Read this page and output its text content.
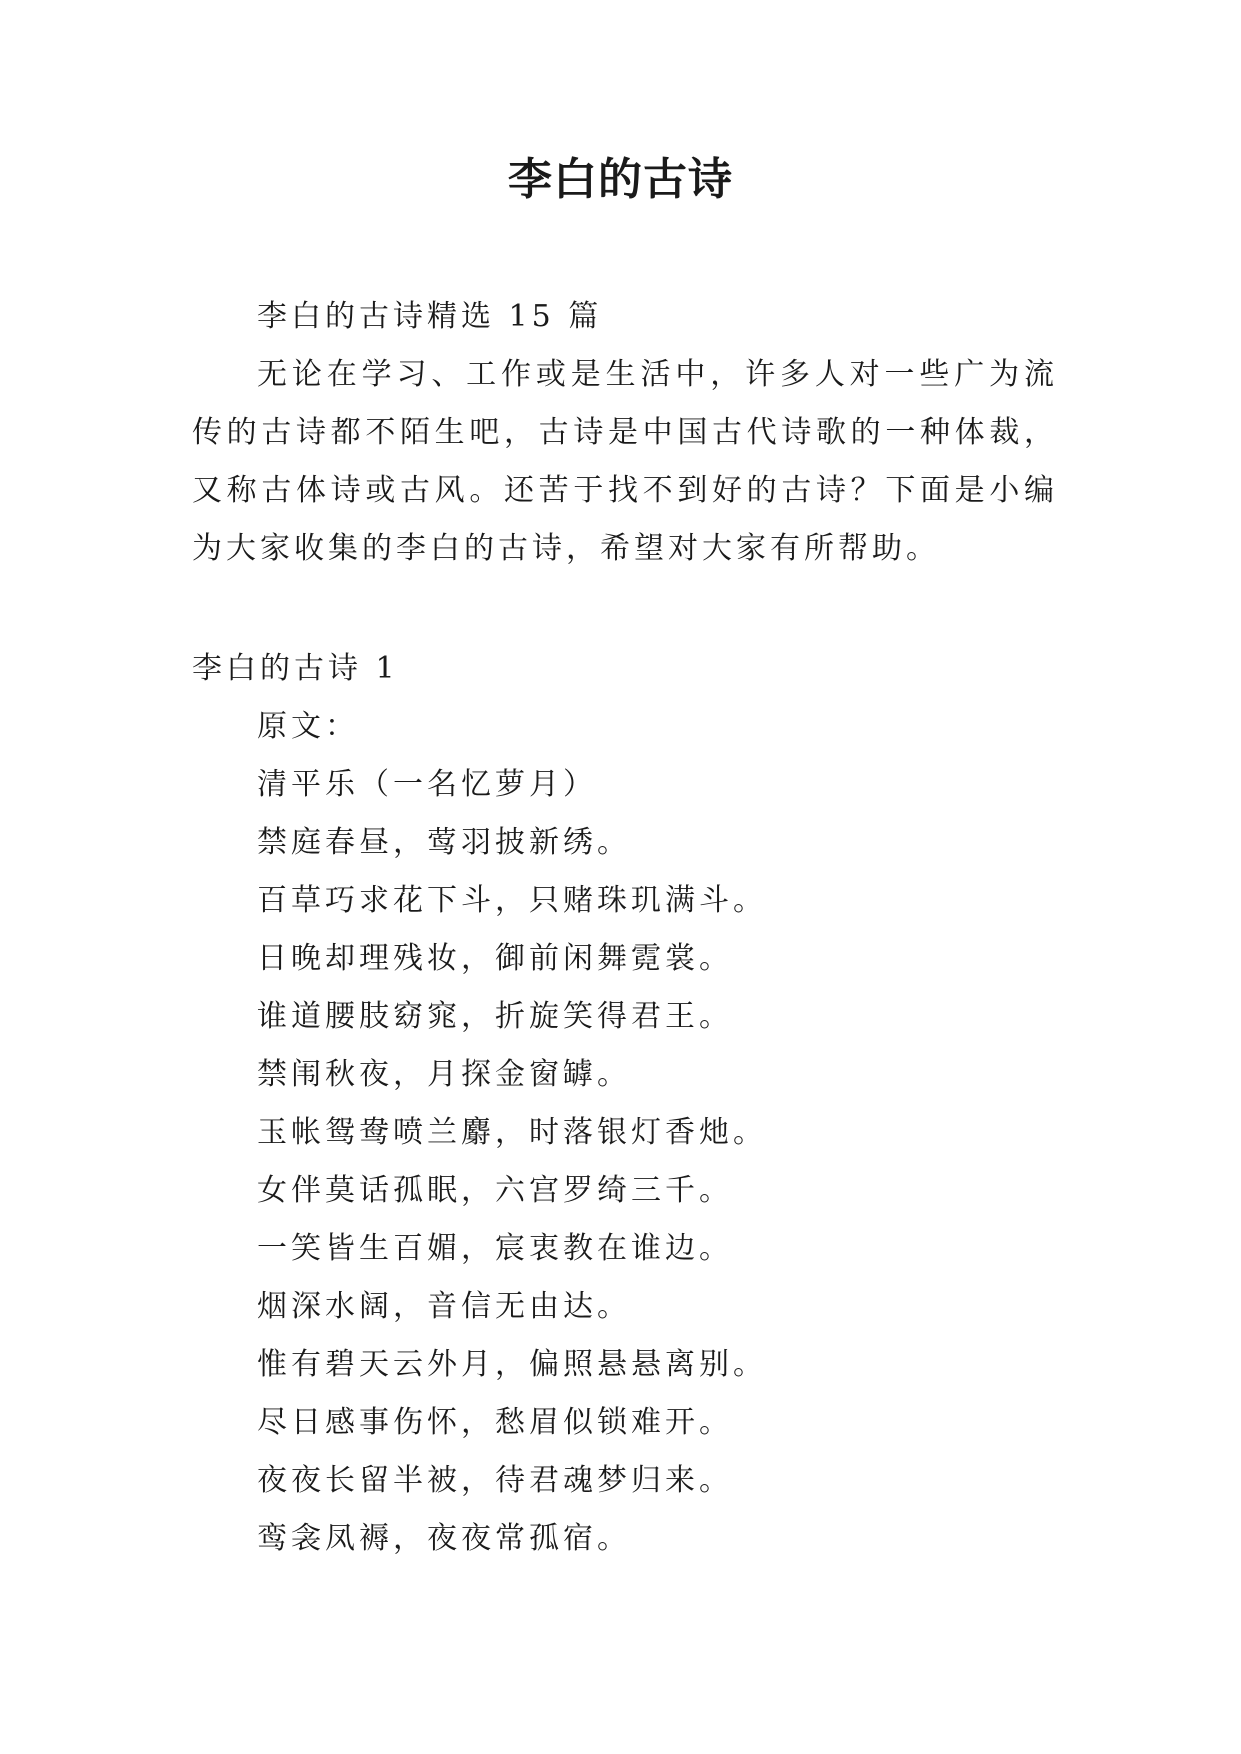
李白的古诗

李白的古诗精选 15 篇

无论在学习、工作或是生活中，许多人对一些广为流传的古诗都不陌生吧，古诗是中国古代诗歌的一种体裁，又称古体诗或古风。还苦于找不到好的古诗？下面是小编为大家收集的李白的古诗，希望对大家有所帮助。

李白的古诗 1

原文：
清平乐（一名忆萝月）
禁庭春昼，莺羽披新绣。
百草巧求花下斗，只赌珠玑满斗。
日晚却理残妆，御前闲舞霓裳。
谁道腰肢窈窕，折旋笑得君王。
禁闱秋夜，月探金窗罅。
玉帐鸳鸯喷兰麝，时落银灯香灺。
女伴莫话孤眠，六宫罗绮三千。
一笑皆生百媚，宸衷教在谁边。
烟深水阔，音信无由达。
惟有碧天云外月，偏照悬悬离别。
尽日感事伤怀，愁眉似锁难开。
夜夜长留半被，待君魂梦归来。
鸾衾凤褥，夜夜常孤宿。
